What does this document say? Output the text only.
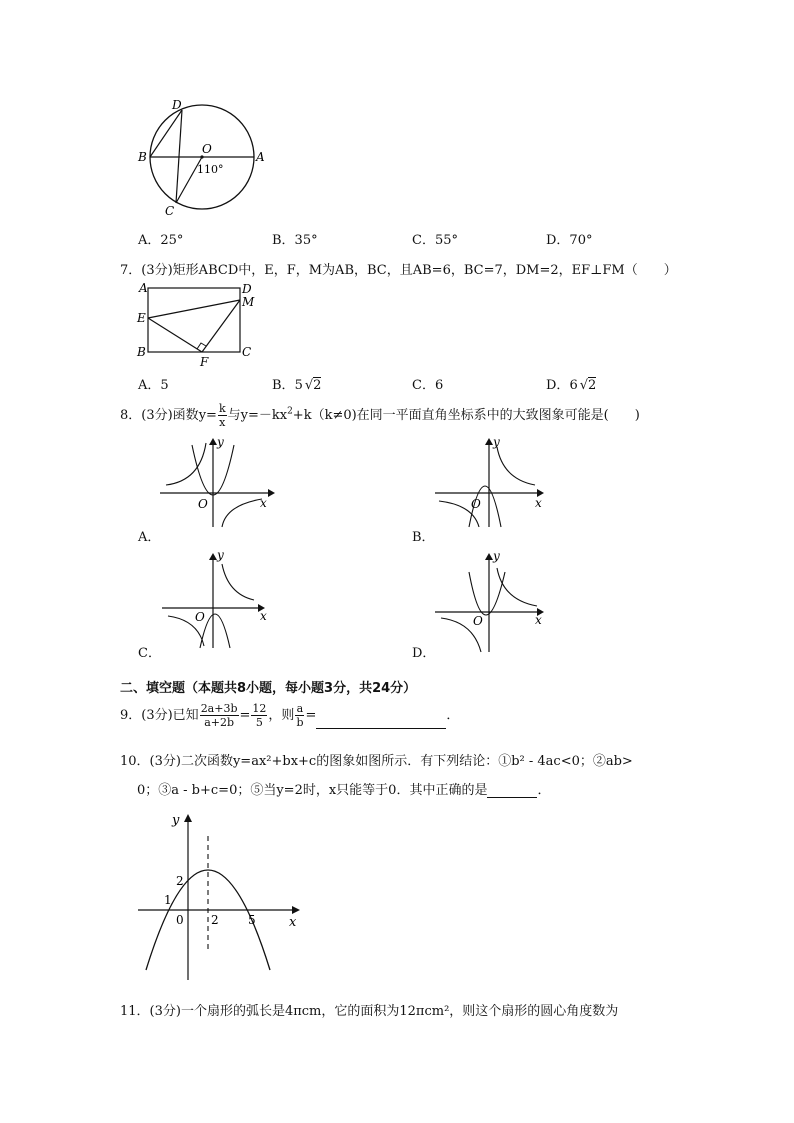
D
B
O
A
C
110°
A．25°	B．35°	C．55°	D．70°
7．(3分)矩形ABCD中，E，F，M为AB，BC，且AB=6，BC=7，DM=2，EF⊥FM（　　）
A	D
M
E
B
F
C
A．5	B．5 √2	C．6	D．6 √2
8．(3分)函数$y= \frac{k}{x}$ 与$y=-kx^2+k(k\ne 0)$在同一平面直角坐标系中的大致图象可能是(　　)
y
x
O
A．
y
x
O
B．
y
x
O
C．
y
x
O
D．
二、填空题（本题共8小题，每小题3分，共24分）
9．(3分)已知 $\frac{2a+3b}{a+2b} = \frac{12}{5}$ ，则 $\frac{a}{b}$ =	．
10．(3分)二次函数y=ax²+bx+c的图象如图所示．有下列结论：①b² - 4ac<0；②ab>
0；③a - b+c=0；⑤当y=2时，x只能等于0．其中正确的是	．
y
x
0
1
2
2 5
11．(3分)一个扇形的弧长是4πcm，它的面积为12πcm²，则这个扇形的圆心角度数为
